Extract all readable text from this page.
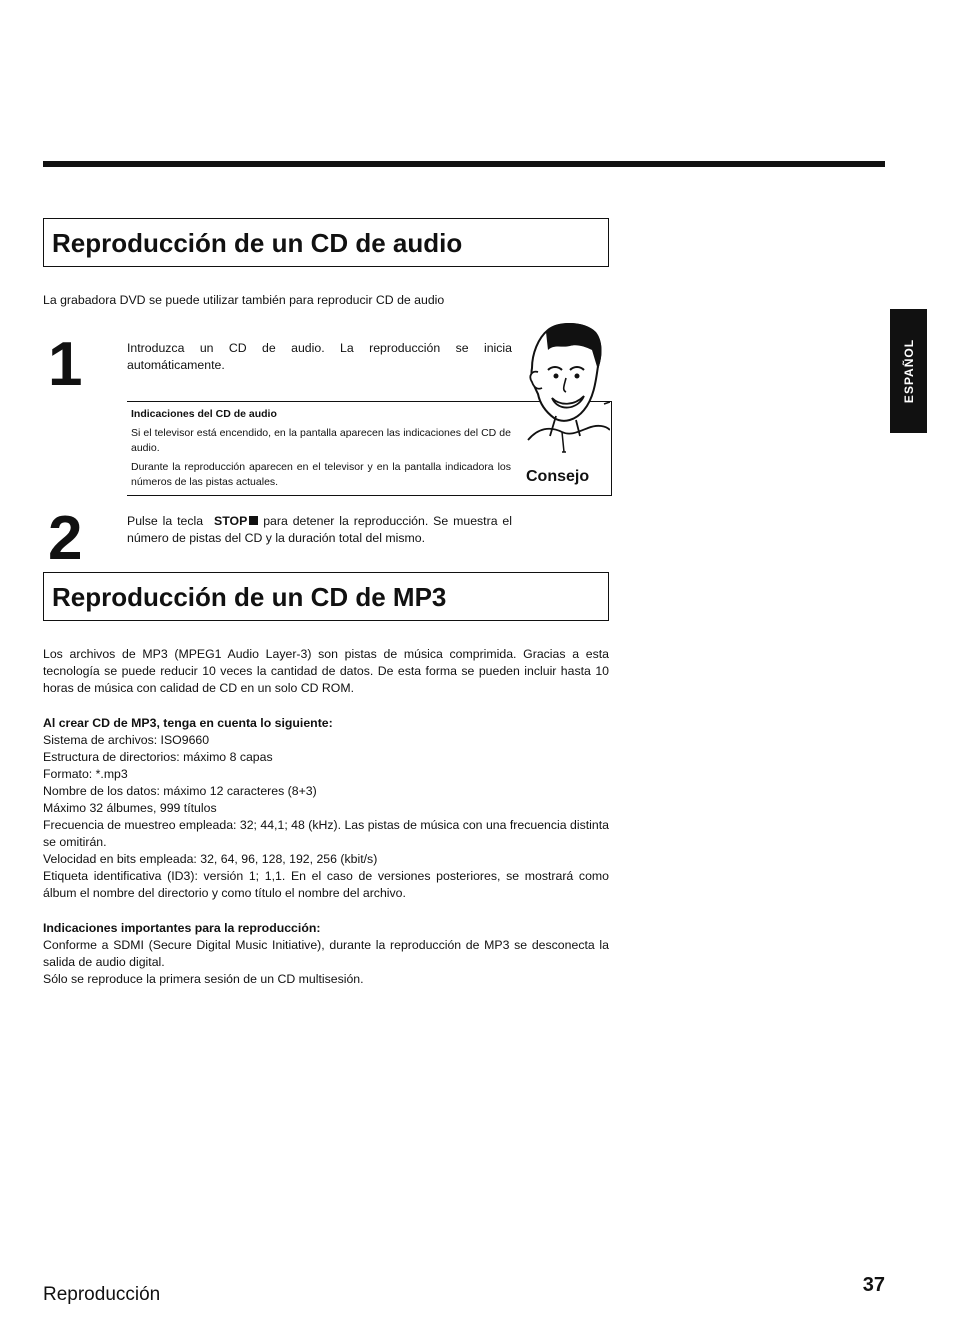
ESPAÑOL
Reproducción de un CD de audio
La grabadora DVD se puede utilizar también para reproducir CD de audio
1	Introduzca un CD de audio. La reproducción se inicia automáticamente.
Indicaciones del CD de audio
Si el televisor está encendido, en la pantalla aparecen las indicaciones del CD de audio.
Durante la reproducción aparecen en el televisor y en la pantalla indicadora los números de las pistas actuales.	Consejo
2	Pulse la tecla STOP para detener la reproducción. Se muestra el número de pistas del CD y la duración total del mismo.
Reproducción de un CD de MP3
Los archivos de MP3 (MPEG1 Audio Layer-3) son pistas de música comprimida. Gracias a esta tecnología se puede reducir 10 veces la cantidad de datos. De esta forma se pueden incluir hasta 10 horas de música con calidad de CD en un solo CD ROM.
Al crear CD de MP3, tenga en cuenta lo siguiente:
Sistema de archivos: ISO9660
Estructura de directorios: máximo 8 capas
Formato: *.mp3
Nombre de los datos: máximo 12 caracteres (8+3)
Máximo 32 álbumes, 999 títulos
Frecuencia de muestreo empleada: 32; 44,1; 48 (kHz). Las pistas de música con una frecuencia distinta se omitirán.
Velocidad en bits empleada: 32, 64, 96, 128, 192, 256 (kbit/s)
Etiqueta identificativa (ID3): versión 1; 1,1. En el caso de versiones posteriores, se mostrará como álbum el nombre del directorio y como título el nombre del archivo.
Indicaciones importantes para la reproducción:
Conforme a SDMI (Secure Digital Music Initiative), durante la reproducción de MP3 se desconecta la salida de audio digital.
Sólo se reproduce la primera sesión de un CD multisesión.
Reproducción	37
